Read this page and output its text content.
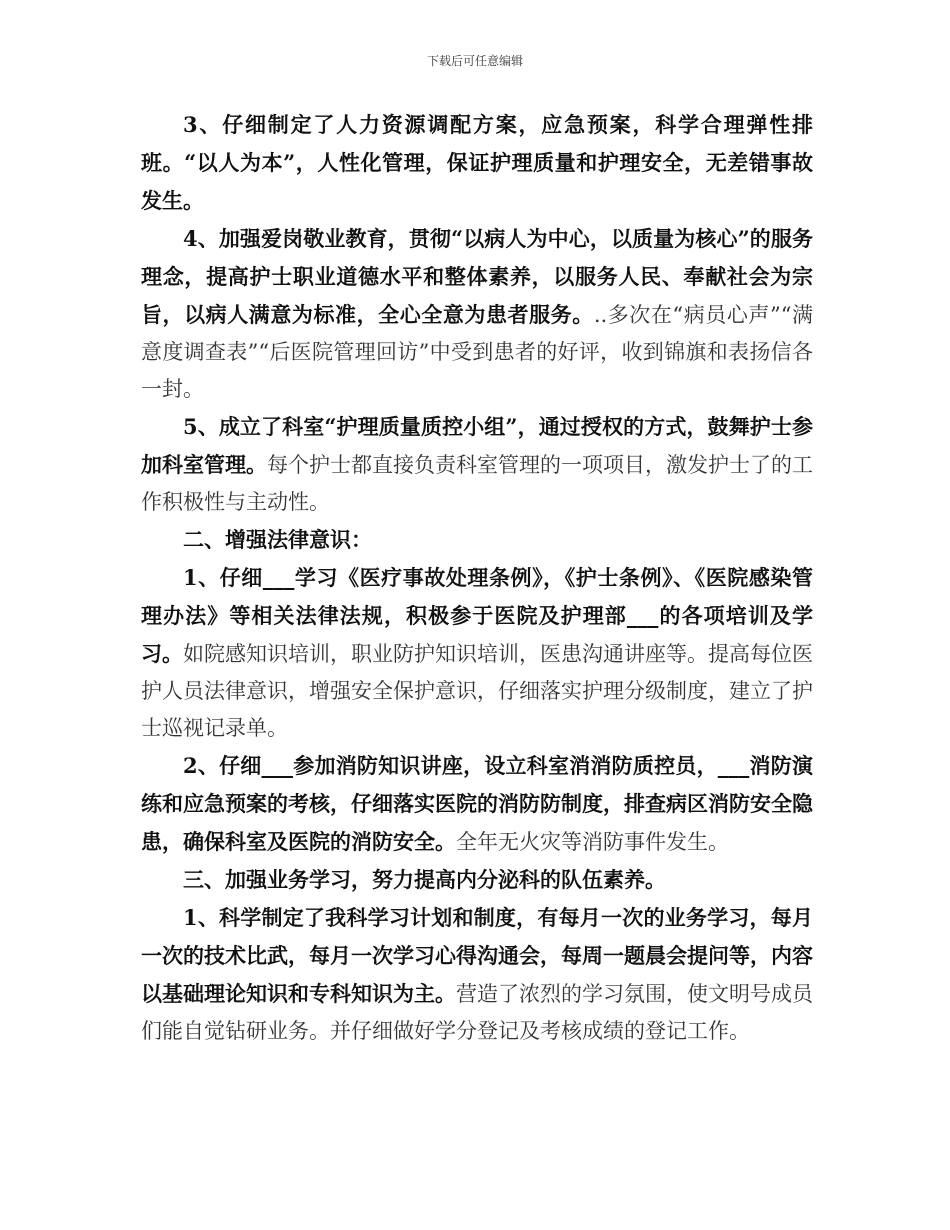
下载后可任意编辑

3、仔细制定了人力资源调配方案，应急预案，科学合理弹性排班。“以人为本”，人性化管理，保证护理质量和护理安全，无差错事故发生。

4、加强爱岗敬业教育，贯彻“以病人为中心，以质量为核心”的服务理念，提高护士职业道德水平和整体素养，以服务人民、奉献社会为宗旨，以病人满意为标准，全心全意为患者服务。..多次在“病员心声”“满意度调查表”“后医院管理回访”中受到患者的好评，收到锦旗和表扬信各一封。

5、成立了科室“护理质量质控小组”，通过授权的方式，鼓舞护士参加科室管理。每个护士都直接负责科室管理的一项项目，激发护士了的工作积极性与主动性。

二、增强法律意识：

1、仔细___学习《医疗事故处理条例》，《护士条例》、《医院感染管理办法》等相关法律法规，积极参于医院及护理部___的各项培训及学习。如院感知识培训，职业防护知识培训，医患沟通讲座等。提高每位医护人员法律意识，增强安全保护意识，仔细落实护理分级制度，建立了护士巡视记录单。

2、仔细___参加消防知识讲座，设立科室消消防质控员，___消防演练和应急预案的考核，仔细落实医院的消防防制度，排查病区消防安全隐患，确保科室及医院的消防安全。全年无火灾等消防事件发生。

三、加强业务学习，努力提高内分泌科的队伍素养。

1、科学制定了我科学习计划和制度，有每月一次的业务学习，每月一次的技术比武，每月一次学习心得沟通会，每周一题晨会提问等，内容以基础理论知识和专科知识为主。营造了浓烈的学习氛围，使文明号成员们能自觉钻研业务。并仔细做好学分登记及考核成绩的登记工作。
